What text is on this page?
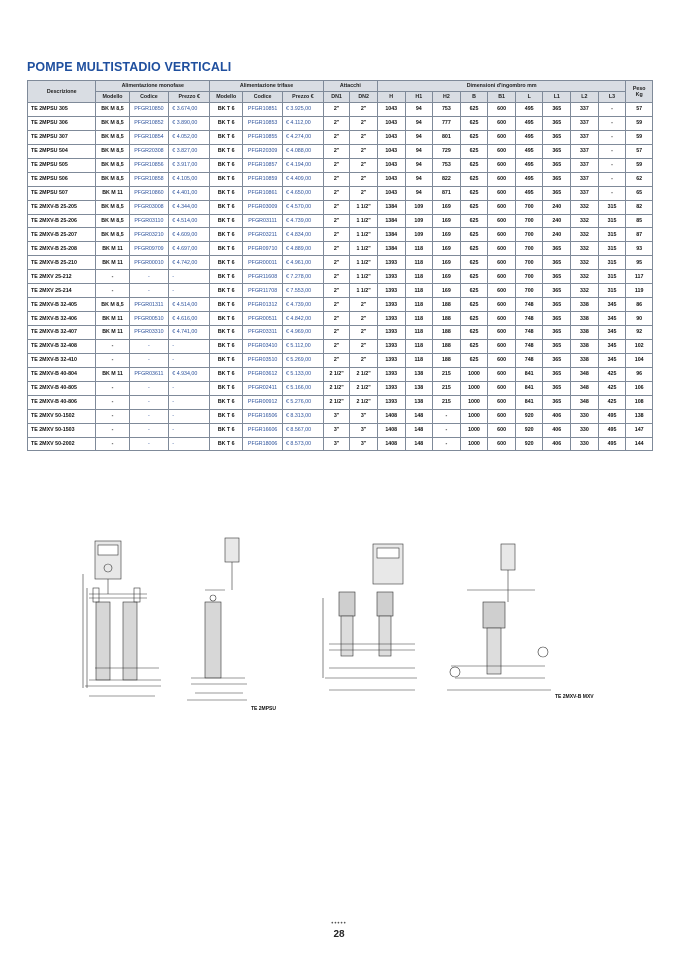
POMPE MULTISTADIO VERTICALI
Descrizione	Alimentazione monofase			Alimentazione trifase			Attacchi		Dimensioni d'ingombro mm									Peso
Kg
	Modello	Codice	Prezzo €	Modello	Codice	Prezzo €	DN1	DN2	H	H1	H2	B	B1	L	L1	L2	L3	
TE 2MPSU 305	BK M 8,5	PFGR10850	€ 3.674,00	BK T 6	PFGR10851	€ 3.925,00	2"	2"	1043	94	753	625	600	495	365	337	-	57
TE 2MPSU 306	BK M 8,5	PFGR10852	€ 3.890,00	BK T 6	PFGR10853	€ 4.112,00	2"	2"	1043	94	777	625	600	495	365	337	-	59
TE 2MPSU 307	BK M 8,5	PFGR10854	€ 4.052,00	BK T 6	PFGR10855	€ 4.274,00	2"	2"	1043	94	801	625	600	495	365	337	-	59
TE 2MPSU 504	BK M 8,5	PFGR20308	€ 3.827,00	BK T 6	PFGR20309	€ 4.088,00	2"	2"	1043	94	729	625	600	495	365	337	-	57
TE 2MPSU 505	BK M 8,5	PFGR10856	€ 3.917,00	BK T 6	PFGR10857	€ 4.194,00	2"	2"	1043	94	753	625	600	495	365	337	-	59
TE 2MPSU 506	BK M 8,5	PFGR10858	€ 4.105,00	BK T 6	PFGR10859	€ 4.409,00	2"	2"	1043	94	822	625	600	495	365	337	-	62
TE 2MPSU 507	BK M 11	PFGR10860	€ 4.401,00	BK T 6	PFGR10861	€ 4.650,00	2"	2"	1043	94	871	625	600	495	365	337	-	65
TE 2MXV-B 25-205	BK M 8,5	PFGR03008	€ 4.344,00	BK T 6	PFGR03009	€ 4.570,00	2"	1 1/2"	1384	109	169	625	600	700	240	332	315	82
TE 2MXV-B 25-206	BK M 8,5	PFGR03110	€ 4.514,00	BK T 6	PFGR03111	€ 4.739,00	2"	1 1/2"	1384	109	169	625	600	700	240	332	315	85
TE 2MXV-B 25-207	BK M 8,5	PFGR03210	€ 4.609,00	BK T 6	PFGR03211	€ 4.834,00	2"	1 1/2"	1384	109	169	625	600	700	240	332	315	87
TE 2MXV-B 25-208	BK M 11	PFGR09709	€ 4.697,00	BK T 6	PFGR09710	€ 4.889,00	2"	1 1/2"	1384	118	169	625	600	700	365	332	315	93
TE 2MXV-B 25-210	BK M 11	PFGR00010	€ 4.742,00	BK T 6	PFGR00011	€ 4.961,00	2"	1 1/2"	1393	118	169	625	600	700	365	332	315	95
TE 2MXV 25-212	-	-	-	BK T 6	PFGR11608	€ 7.278,00	2"	1 1/2"	1393	118	169	625	600	700	365	332	315	117
TE 2MXV 25-214	-	-	-	BK T 6	PFGR11708	€ 7.553,00	2"	1 1/2"	1393	118	169	625	600	700	365	332	315	119
TE 2MXV-B 32-405	BK M 8,5	PFGR01311	€ 4.514,00	BK T 6	PFGR01312	€ 4.739,00	2"	2"	1393	118	188	625	600	748	365	338	345	86
TE 2MXV-B 32-406	BK M 11	PFGR00510	€ 4.616,00	BK T 6	PFGR00511	€ 4.842,00	2"	2"	1393	118	188	625	600	748	365	338	345	90
TE 2MXV-B 32-407	BK M 11	PFGR03310	€ 4.741,00	BK T 6	PFGR03311	€ 4.969,00	2"	2"	1393	118	188	625	600	748	365	338	345	92
TE 2MXV-B 32-408	-	-	-	BK T 6	PFGR03410	€ 5.112,00	2"	2"	1393	118	188	625	600	748	365	338	345	102
TE 2MXV-B 32-410	-	-	-	BK T 6	PFGR03510	€ 5.269,00	2"	2"	1393	118	188	625	600	748	365	338	345	104
TE 2MXV-B 40-804	BK M 11	PFGR03611	€ 4.934,00	BK T 6	PFGR03612	€ 5.133,00	2 1/2"	2 1/2"	1393	138	215	1000	600	841	365	348	425	96
TE 2MXV-B 40-805	-	-	-	BK T 6	PFGR02411	€ 5.166,00	2 1/2"	2 1/2"	1393	138	215	1000	600	841	365	348	425	106
TE 2MXV-B 40-806	-	-	-	BK T 6	PFGR00912	€ 5.276,00	2 1/2"	2 1/2"	1393	138	215	1000	600	841	365	348	425	108
TE 2MXV 50-1502	-	-	-	BK T 6	PFGR16506	€ 8.313,00	3"	3"	1408	148	-	1000	600	920	406	330	495	138
TE 2MXV 50-1503	-	-	-	BK T 6	PFGR16606	€ 8.567,00	3"	3"	1408	148	-	1000	600	920	406	330	495	147
TE 2MXV 50-2002	-	-	-	BK T 6	PFGR18006	€ 8.573,00	3"	3"	1408	148	-	1000	600	920	406	330	495	144
TE 2MPSU
TE 2MXV-B MXV
•••••
28
